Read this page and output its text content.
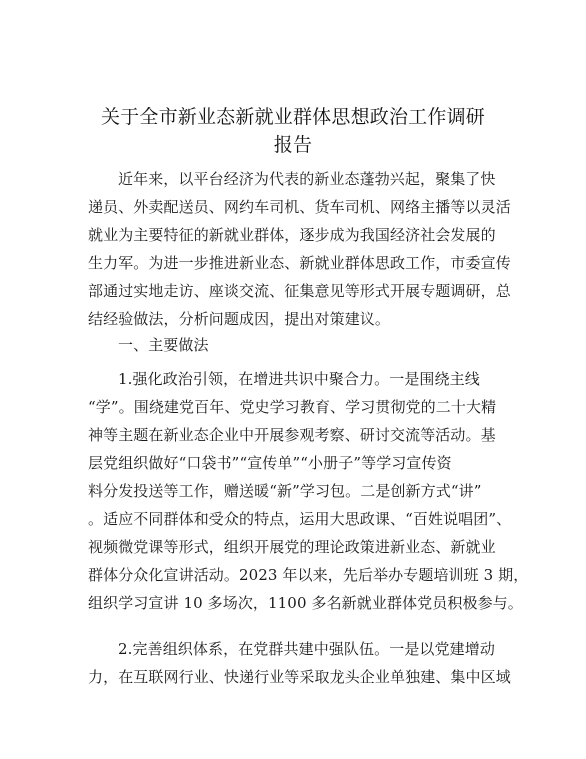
关于全市新业态新就业群体思想政治工作调研
报告
近年来，以平台经济为代表的新业态蓬勃兴起，聚集了快
递员、外卖配送员、网约车司机、货车司机、网络主播等以灵活
就业为主要特征的新就业群体，逐步成为我国经济社会发展的
生力军。为进一步推进新业态、新就业群体思政工作，市委宣传
部通过实地走访、座谈交流、征集意见等形式开展专题调研，总
结经验做法，分析问题成因，提出对策建议。
一、主要做法
1.强化政治引领，在增进共识中聚合力。一是围绕主线
“学”。围绕建党百年、党史学习教育、学习贯彻党的二十大精
神等主题在新业态企业中开展参观考察、研讨交流等活动。基
层党组织做好“口袋书”“宣传单”“小册子”等学习宣传资
料分发投送等工作，赠送暖“新”学习包。二是创新方式“讲”
。适应不同群体和受众的特点，运用大思政课、“百姓说唱团”、
视频微党课等形式，组织开展党的理论政策进新业态、新就业
群体分众化宣讲活动。2023 年以来，先后举办专题培训班 3 期，
组织学习宣讲 10 多场次，1100 多名新就业群体党员积极参与。
2.完善组织体系，在党群共建中强队伍。一是以党建增动
力，在互联网行业、快递行业等采取龙头企业单独建、集中区域
